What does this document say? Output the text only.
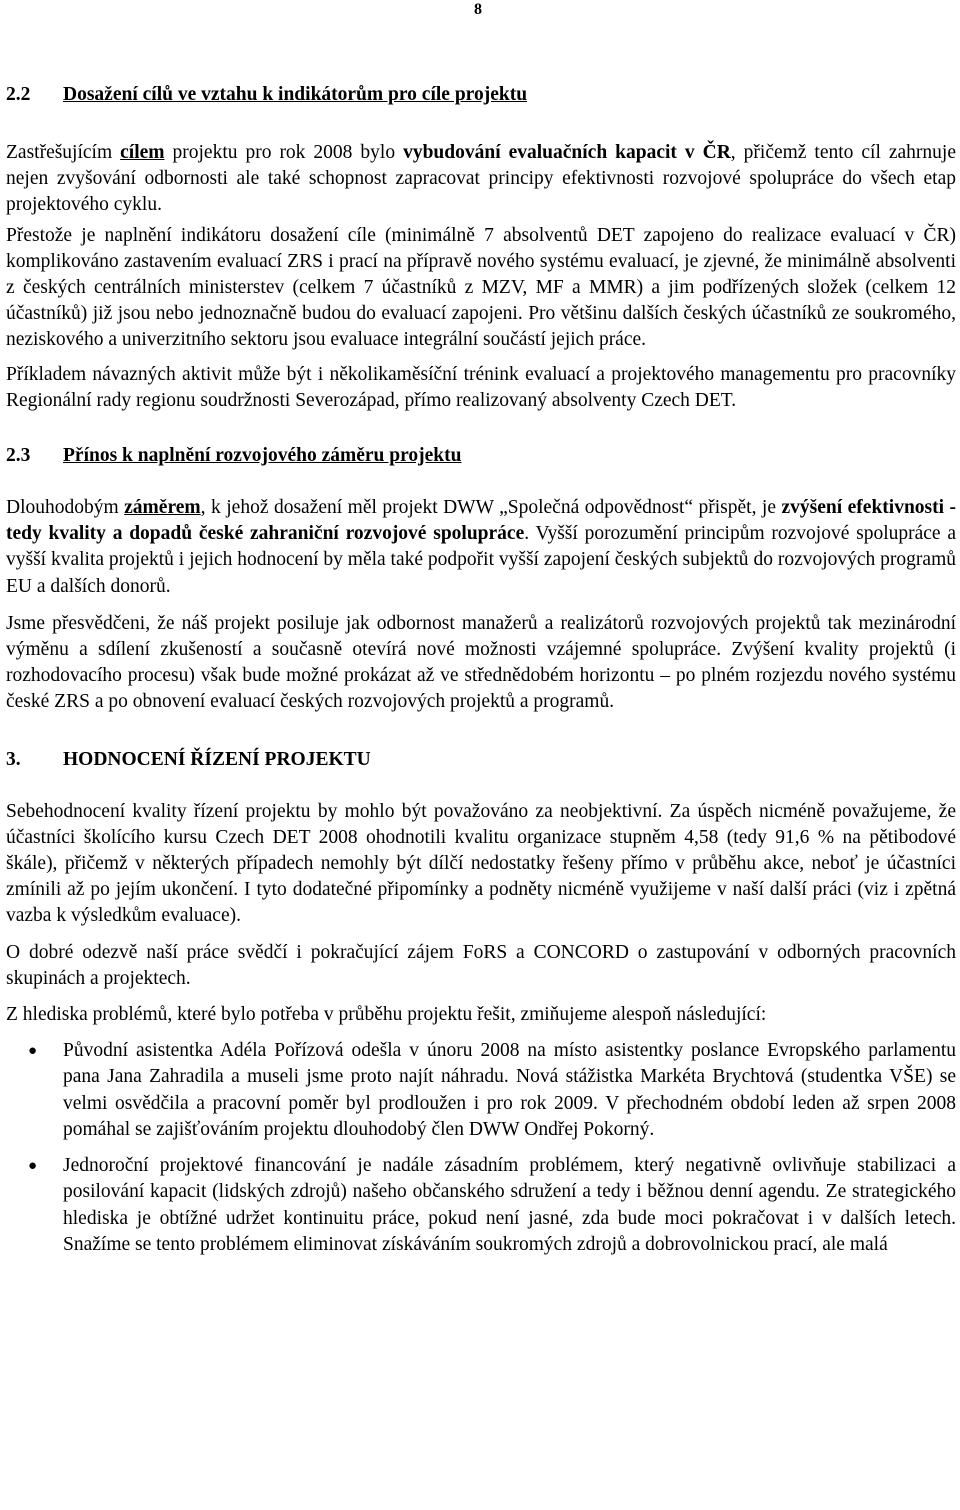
8
2.2 Dosažení cílů ve vztahu k indikátorům pro cíle projektu

Zastřešujícím cílem projektu pro rok 2008 bylo vybudování evaluačních kapacit v ČR, přičemž tento cíl zahrnuje nejen zvyšování odbornosti ale také schopnost zapracovat principy efektivnosti rozvojové spolupráce do všech etap projektového cyklu.

Přestože je naplnění indikátoru dosažení cíle (minimálně 7 absolventů DET zapojeno do realizace evaluací v ČR) komplikováno zastavením evaluací ZRS i prací na přípravě nového systému evaluací, je zjevné, že minimálně absolventi z českých centrálních ministerstev (celkem 7 účastníků z MZV, MF a MMR) a jim podřízených složek (celkem 12 účastníků) již jsou nebo jednoznačně budou do evaluací zapojeni. Pro většinu dalších českých účastníků ze soukromého, neziskového a univerzitního sektoru jsou evaluace integrální součástí jejich práce.

Příkladem návazných aktivit může být i několikaměsíční trénink evaluací a projektového managementu pro pracovníky Regionální rady regionu soudržnosti Severozápad, přímo realizovaný absolventy Czech DET.

2.3 Přínos k naplnění rozvojového záměru projektu

Dlouhodobým záměrem, k jehož dosažení měl projekt DWW „Společná odpovědnost“ přispět, je zvýšení efektivnosti - tedy kvality a dopadů české zahraniční rozvojové spolupráce. Vyšší porozumění principům rozvojové spolupráce a vyšší kvalita projektů i jejich hodnocení by měla také podpořit vyšší zapojení českých subjektů do rozvojových programů EU a dalších donorů.

Jsme přesvědčeni, že náš projekt posiluje jak odbornost manažerů a realizátorů rozvojových projektů tak mezinárodní výměnu a sdílení zkušeností a současně otevírá nové možnosti vzájemné spolupráce. Zvýšení kvality projektů (i rozhodovacího procesu) však bude možné prokázat až ve střednědobém horizontu – po plném rozjezdu nového systému české ZRS a po obnovení evaluací českých rozvojových projektů a programů.

3. HODNOCENÍ ŘÍZENÍ PROJEKTU

Sebehodnocení kvality řízení projektu by mohlo být považováno za neobjektivní. Za úspěch nicméně považujeme, že účastníci školícího kursu Czech DET 2008 ohodnotili kvalitu organizace stupněm 4,58 (tedy 91,6 % na pětibodové škále), přičemž v některých případech nemohly být dílčí nedostatky řešeny přímo v průběhu akce, neboť je účastníci zmínili až po jejím ukončení. I tyto dodatečné připomínky a podněty nicméně využijeme v naší další práci (viz i zpětná vazba k výsledkům evaluace).

O dobré odezvě naší práce svědčí i pokračující zájem FoRS a CONCORD o zastupování v odborných pracovních skupinách a projektech.

Z hlediska problémů, které bylo potřeba v průběhu projektu řešit, zmiňujeme alespoň následující:

● Původní asistentka Adéla Pořízová odešla v únoru 2008 na místo asistentky poslance Evropského parlamentu pana Jana Zahradila a museli jsme proto najít náhradu. Nová stážistka Markéta Brychtová (studentka VŠE) se velmi osvědčila a pracovní poměr byl prodloužen i pro rok 2009. V přechodném období leden až srpen 2008 pomáhal se zajišťováním projektu dlouhodobý člen DWW Ondřej Pokorný.
● Jednoroční projektové financování je nadále zásadním problémem, který negativně ovlivňuje stabilizaci a posilování kapacit (lidských zdrojů) našeho občanského sdružení a tedy i běžnou denní agendu. Ze strategického hlediska je obtížné udržet kontinuitu práce, pokud není jasné, zda bude moci pokračovat i v dalších letech. Snažíme se tento problémem eliminovat získáváním soukromých zdrojů a dobrovolnickou prací, ale malá
